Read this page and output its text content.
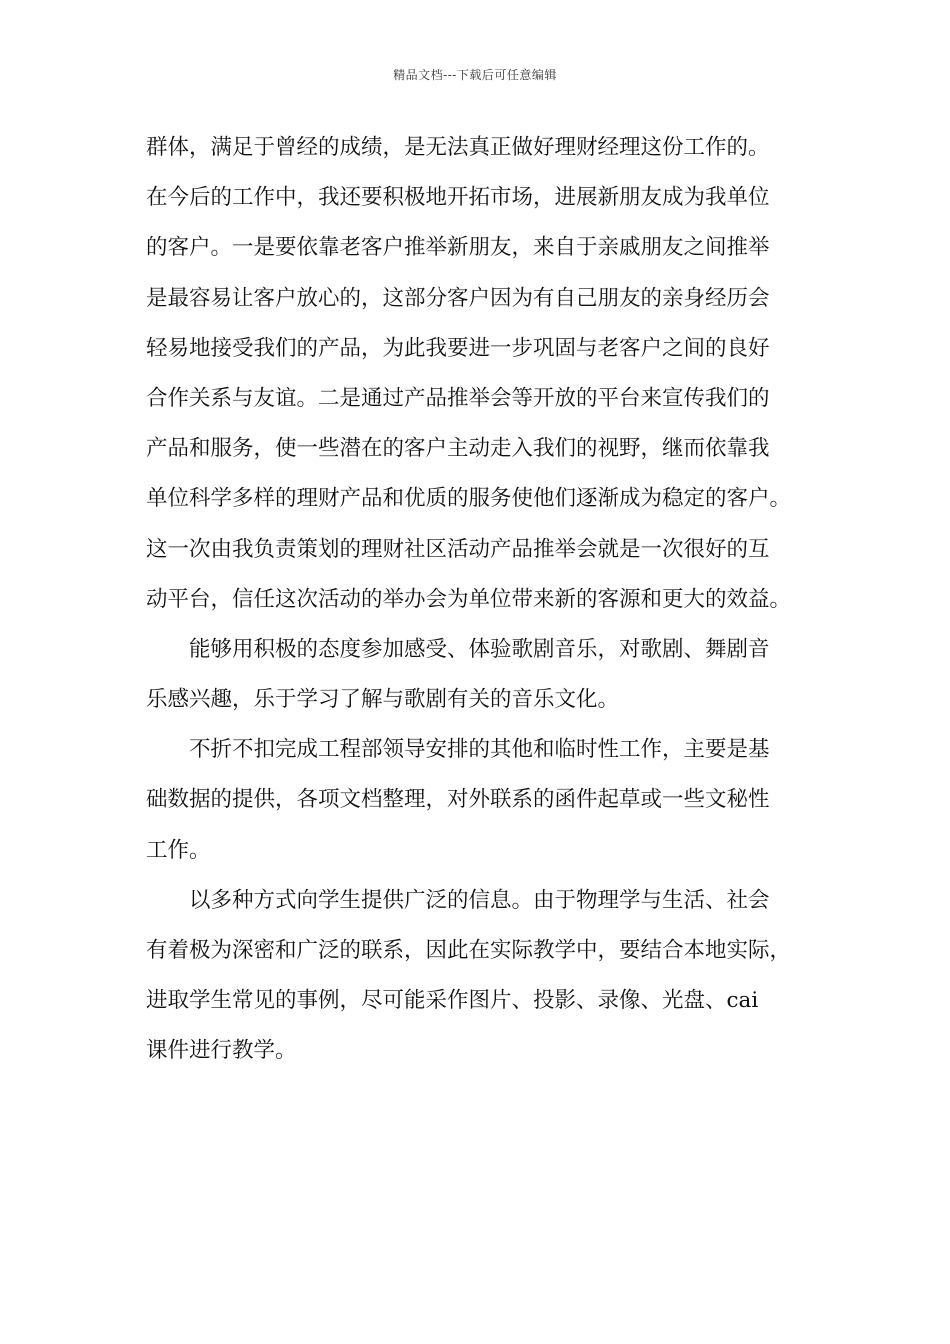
精品文档---下载后可任意编辑
群体，满足于曾经的成绩，是无法真正做好理财经理这份工作的。
在今后的工作中，我还要积极地开拓市场，进展新朋友成为我单位
的客户。一是要依靠老客户推举新朋友，来自于亲戚朋友之间推举
是最容易让客户放心的，这部分客户因为有自己朋友的亲身经历会
轻易地接受我们的产品，为此我要进一步巩固与老客户之间的良好
合作关系与友谊。二是通过产品推举会等开放的平台来宣传我们的
产品和服务，使一些潜在的客户主动走入我们的视野，继而依靠我
单位科学多样的理财产品和优质的服务使他们逐渐成为稳定的客户。
这一次由我负责策划的理财社区活动产品推举会就是一次很好的互
动平台，信任这次活动的举办会为单位带来新的客源和更大的效益。
能够用积极的态度参加感受、体验歌剧音乐，对歌剧、舞剧音
乐感兴趣，乐于学习了解与歌剧有关的音乐文化。
不折不扣完成工程部领导安排的其他和临时性工作，主要是基
础数据的提供，各项文档整理，对外联系的函件起草或一些文秘性
工作。
以多种方式向学生提供广泛的信息。由于物理学与生活、社会
有着极为深密和广泛的联系，因此在实际教学中，要结合本地实际，
进取学生常见的事例，尽可能采作图片、投影、录像、光盘、cai
课件进行教学。
